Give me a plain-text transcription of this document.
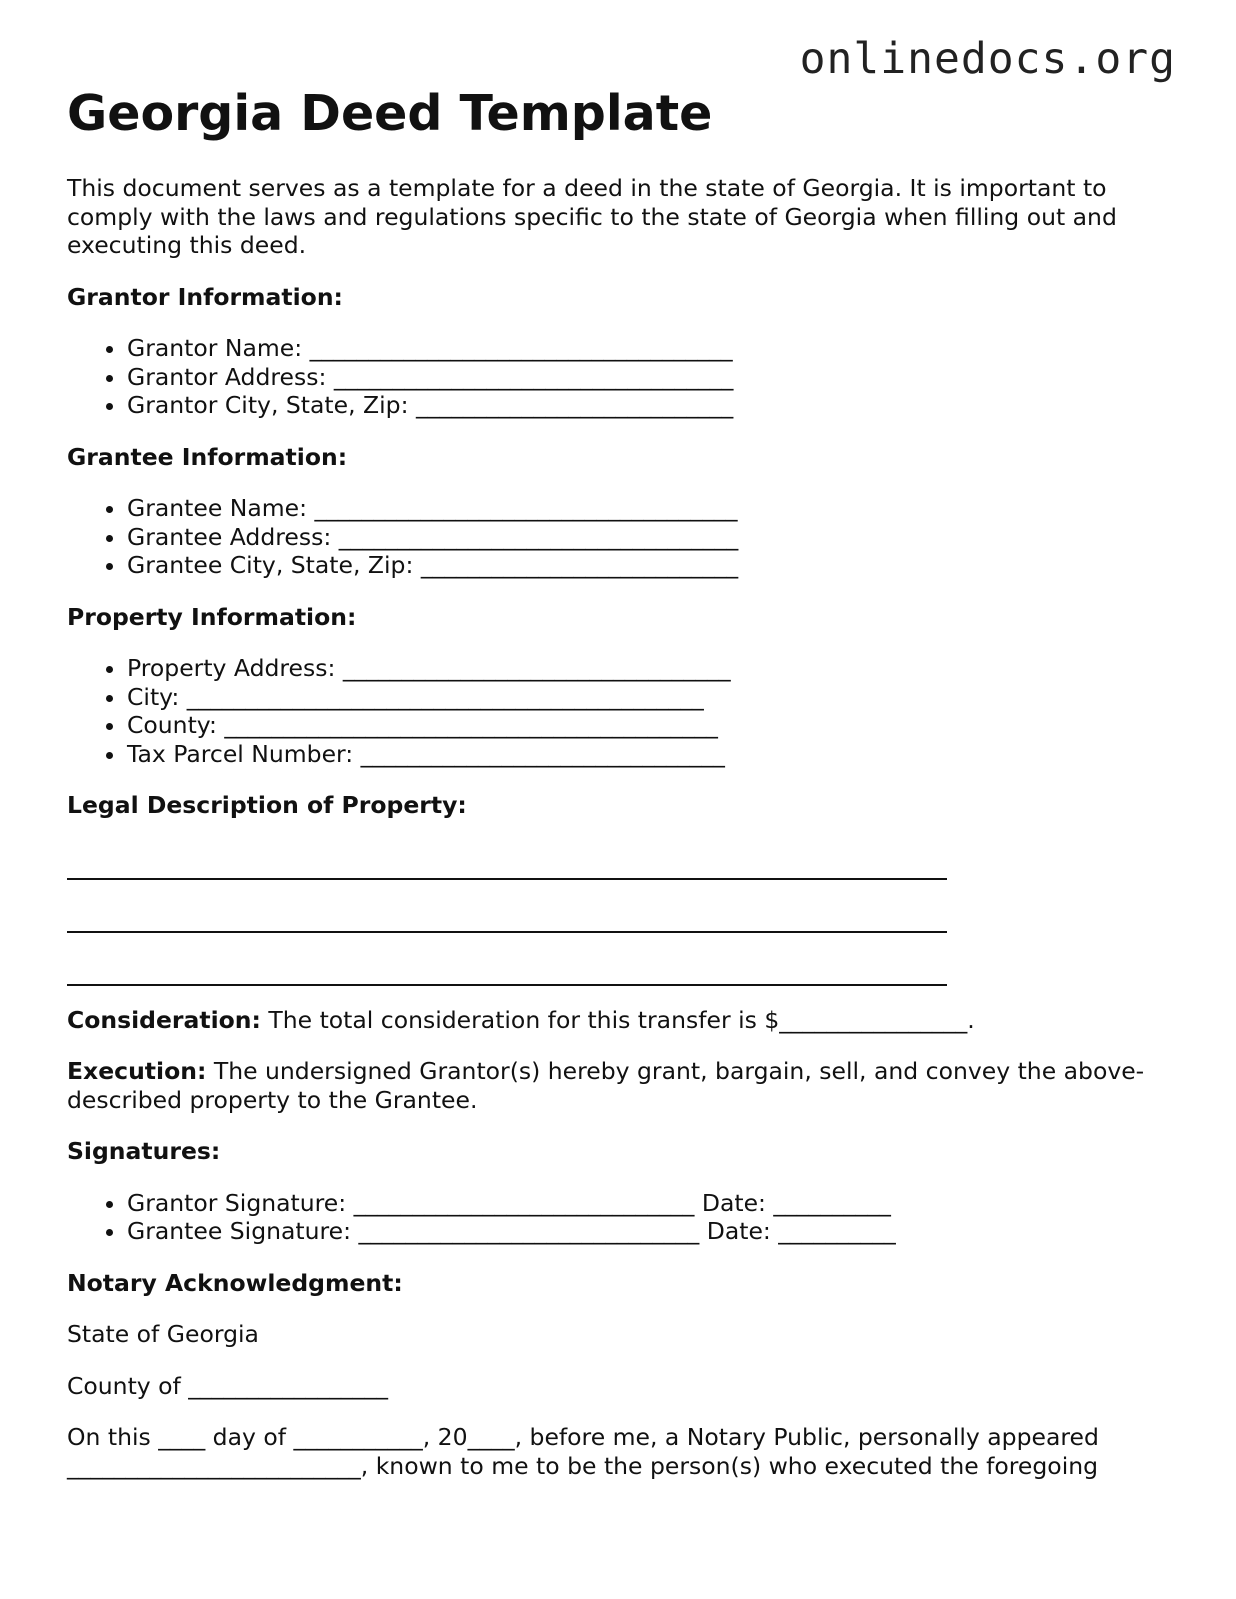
onlinedocs.org
Georgia Deed Template

This document serves as a template for a deed in the state of Georgia. It is important to comply with the laws and regulations specific to the state of Georgia when filling out and executing this deed.

Grantor Information:
• Grantor Name: ____________________________________
• Grantor Address: __________________________________
• Grantor City, State, Zip: ___________________________
Grantee Information:
• Grantee Name: ____________________________________
• Grantee Address: __________________________________
• Grantee City, State, Zip: ___________________________
Property Information:
• Property Address: _________________________________
• City: ____________________________________________
• County: __________________________________________
• Tax Parcel Number: _______________________________
Legal Description of Property:

Consideration: The total consideration for this transfer is $________________.

Execution: The undersigned Grantor(s) hereby grant, bargain, sell, and convey the above-described property to the Grantee.

Signatures:
• Grantor Signature: _____________________________ Date: __________
• Grantee Signature: _____________________________ Date: __________
Notary Acknowledgment:

State of Georgia

County of _________________

On this ____ day of ___________, 20____, before me, a Notary Public, personally appeared _________________________, known to me to be the person(s) who executed the foregoing
